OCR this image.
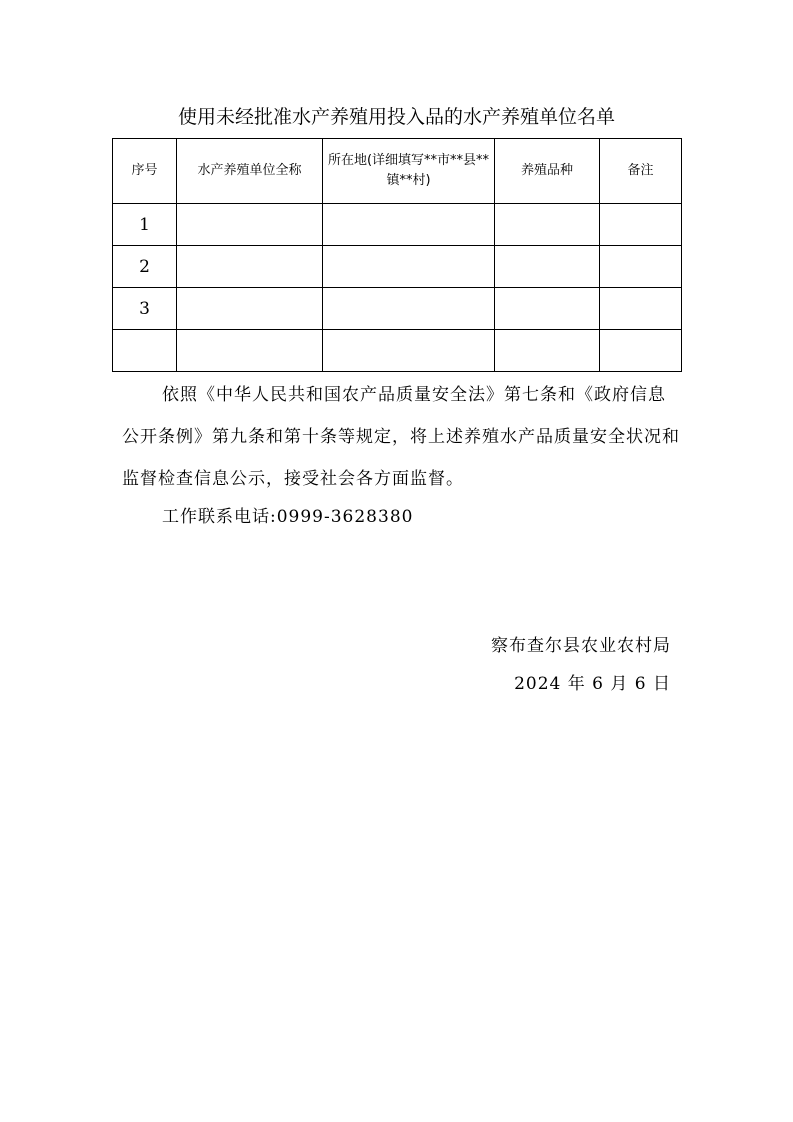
使用未经批准水产养殖用投入品的水产养殖单位名单
序号	水产养殖单位全称	所在地(详细填写**市**县**镇**村)	养殖品种	备注
1				
2				
3				

依照《中华人民共和国农产品质量安全法》第七条和《政府信息公开条例》第九条和第十条等规定，将上述养殖水产品质量安全状况和监督检查信息公示，接受社会各方面监督。
工作联系电话:0999-3628380
察布查尔县农业农村局
2024 年 6 月 6 日
